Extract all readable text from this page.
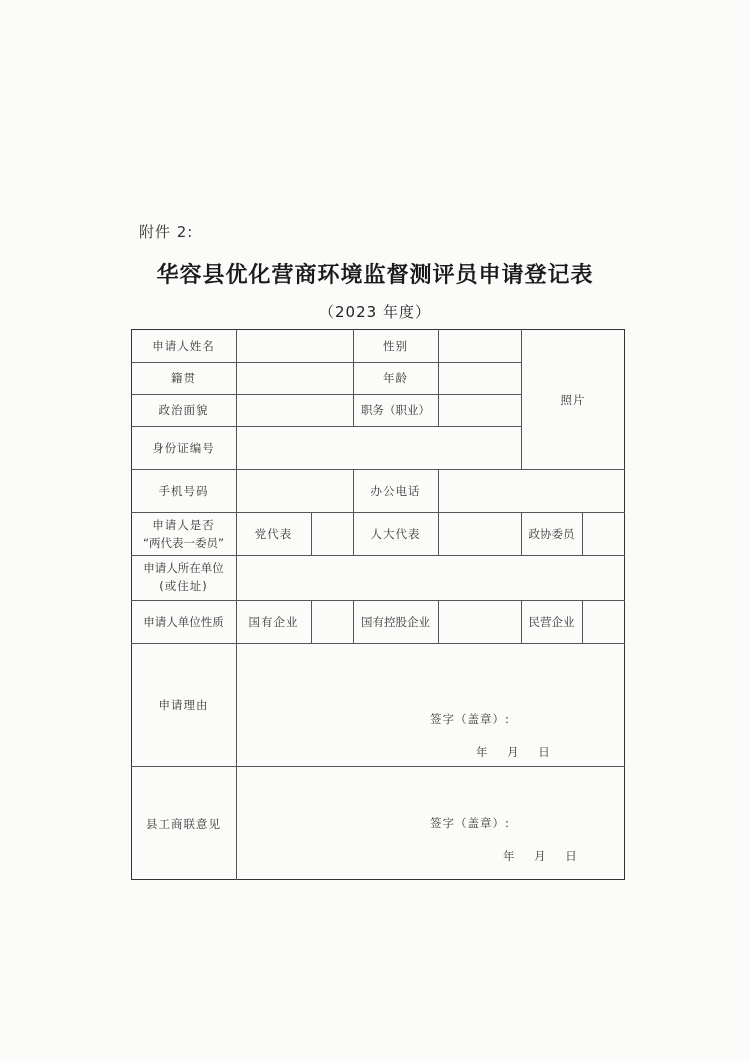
附件 2:
华容县优化营商环境监督测评员申请登记表
（2023 年度）
申请人姓名	性别
籍贯	年龄
政治面貌	职务（职业）
照片
身份证编号
手机号码	办公电话
申请人是否
“两代表一委员”
党代表	人大代表	政协委员
申请人所在单位
(或住址)
申请人单位性质	国有企业	国有控股企业	民营企业
申请理由
签字（盖章）:
年    月    日
县工商联意见	签字（盖章）:
年    月    日
